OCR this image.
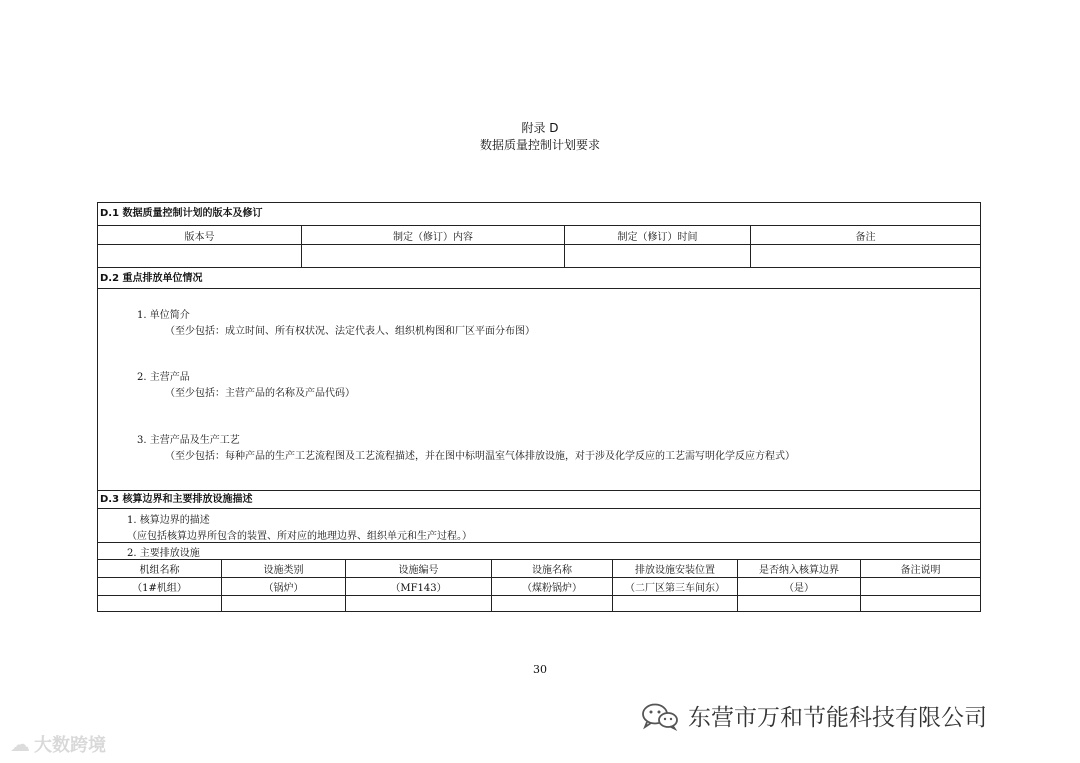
附录 D
数据质量控制计划要求
D.1 数据质量控制计划的版本及修订
版本号	制定（修订）内容	制定（修订）时间	备注
D.2 重点排放单位情况
1. 单位简介
（至少包括：成立时间、所有权状况、法定代表人、组织机构图和厂区平面分布图）
2. 主营产品
（至少包括：主营产品的名称及产品代码）
3. 主营产品及生产工艺
（至少包括：每种产品的生产工艺流程图及工艺流程描述，并在图中标明温室气体排放设施，对于涉及化学反应的工艺需写明化学反应方程式）
D.3 核算边界和主要排放设施描述
1. 核算边界的描述
（应包括核算边界所包含的装置、所对应的地理边界、组织单元和生产过程。）
2. 主要排放设施
机组名称	设施类别	设施编号	设施名称	排放设施安装位置	是否纳入核算边界	备注说明
（1#机组）	（锅炉）	（MF143）	（煤粉锅炉）	（二厂区第三车间东）	（是）
30
☁ 大数跨境
东营市万和节能科技有限公司
